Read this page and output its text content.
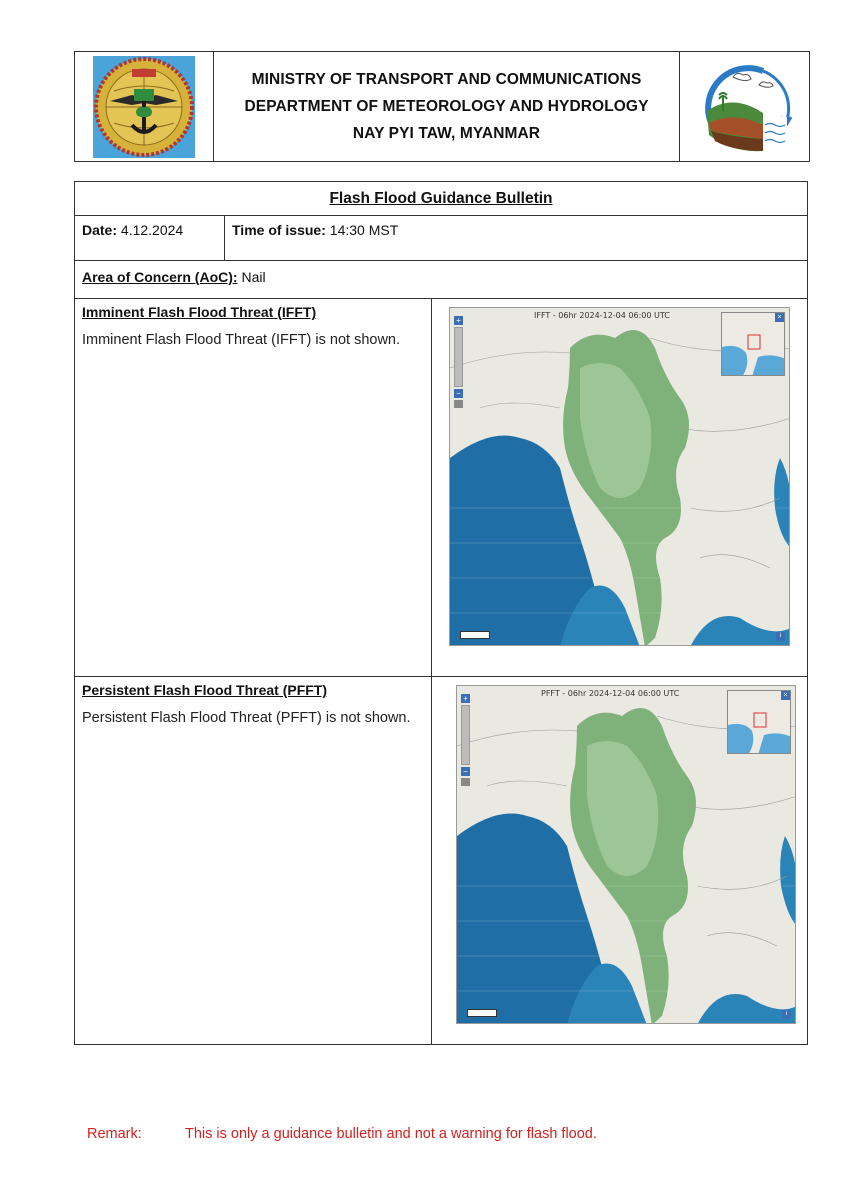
MINISTRY OF TRANSPORT AND COMMUNICATIONS
DEPARTMENT OF METEOROLOGY AND HYDROLOGY
NAY PYI TAW, MYANMAR
Flash Flood Guidance Bulletin
Date: 4.12.2024	Time of issue: 14:30 MST
Area of Concern (AoC): Nail
Imminent Flash Flood Threat (IFFT)
Imminent Flash Flood Threat (IFFT) is not shown.
IFFT - 06hr 2024-12-04 06:00 UTC
+
−
×
i
Persistent Flash Flood Threat (PFFT)
Persistent Flash Flood Threat (PFFT) is not shown.
PFFT - 06hr 2024-12-04 06:00 UTC
+
−
×
i
Remark:	This is only a guidance bulletin and not a warning for flash flood.
